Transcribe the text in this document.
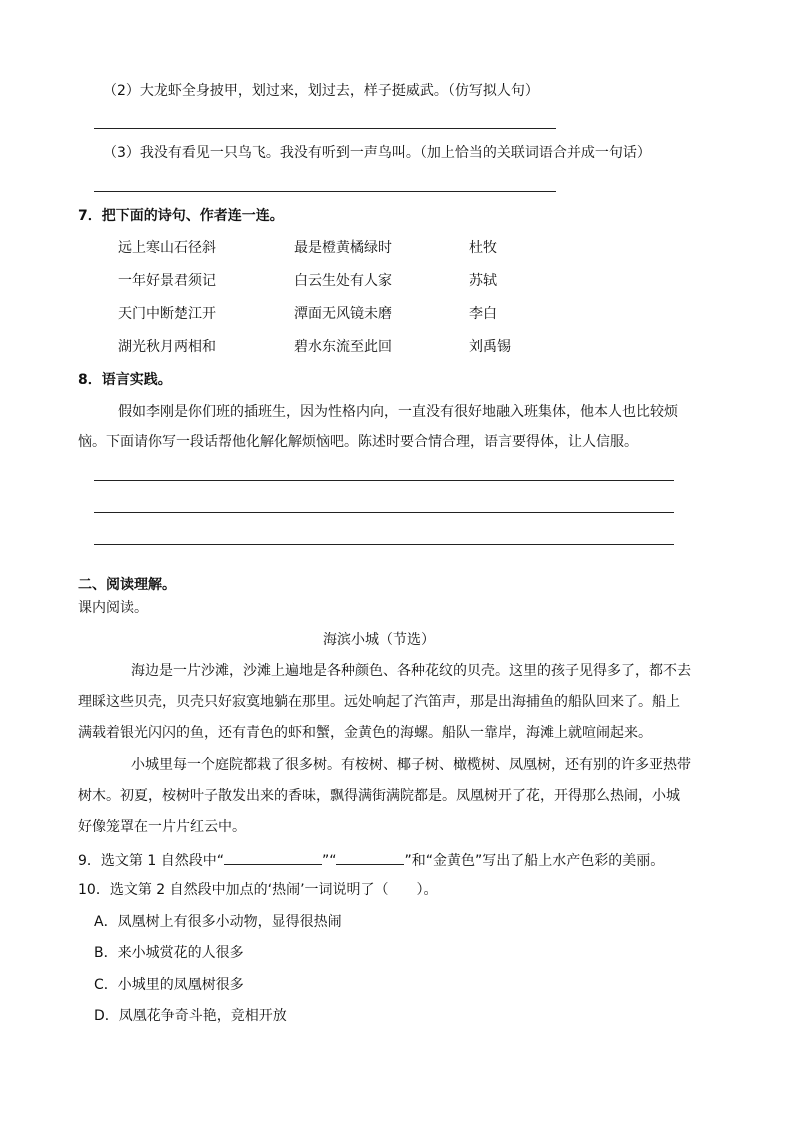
（2）大龙虾全身披甲，划过来，划过去，样子挺威武。（仿写拟人句）
（3）我没有看见一只鸟飞。我没有听到一声鸟叫。（加上恰当的关联词语合并成一句话）
7．把下面的诗句、作者连一连。
远上寒山石径斜	最是橙黄橘绿时	杜牧
一年好景君须记	白云生处有人家	苏轼
天门中断楚江开	潭面无风镜未磨	李白
湖光秋月两相和	碧水东流至此回	刘禹锡
8．语言实践。
假如李刚是你们班的插班生，因为性格内向，一直没有很好地融入班集体，他本人也比较烦
恼。下面请你写一段话帮他化解化解烦恼吧。陈述时要合情合理，语言要得体，让人信服。
二、阅读理解。
课内阅读。
海滨小城（节选）
海边是一片沙滩，沙滩上遍地是各种颜色、各种花纹的贝壳。这里的孩子见得多了，都不去
理睬这些贝壳，贝壳只好寂寞地躺在那里。远处响起了汽笛声，那是出海捕鱼的船队回来了。船上
满载着银光闪闪的鱼，还有青色的虾和蟹，金黄色的海螺。船队一靠岸，海滩上就喧闹起来。
小城里每一个庭院都栽了很多树。有桉树、椰子树、橄榄树、凤凰树，还有别的许多亚热带
树木。初夏，桉树叶子散发出来的香味，飘得满街满院都是。凤凰树开了花，开得那么热闹，小城
好像笼罩在一片片红云中。
9．选文第 1 自然段中“	”“	”和“金黄色”写出了船上水产色彩的美丽。
10．选文第 2 自然段中加点的‘热闹’一词说明了（　　）。
A．凤凰树上有很多小动物，显得很热闹
B．来小城赏花的人很多
C．小城里的凤凰树很多
D．凤凰花争奇斗艳，竞相开放
